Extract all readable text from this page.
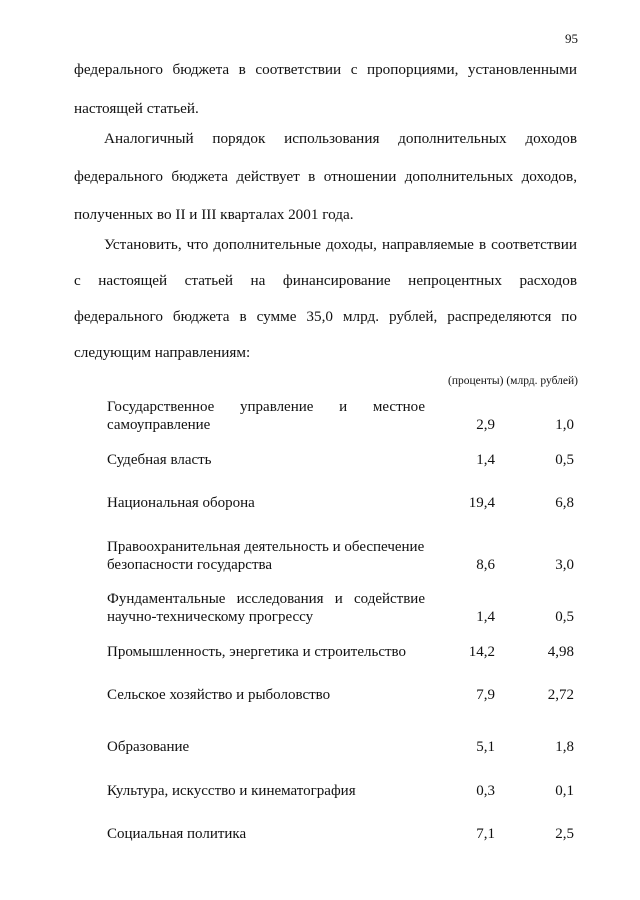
95
федерального бюджета в соответствии с пропорциями, установленными
настоящей статьей.
Аналогичный порядок использования дополнительных доходов
федерального бюджета действует в отношении дополнительных доходов,
полученных во II и III кварталах 2001 года.
Установить, что дополнительные доходы, направляемые в соответствии
с настоящей статьей на финансирование непроцентных расходов
федерального бюджета в сумме 35,0 млрд. рублей, распределяются по
следующим направлениям:
(проценты) (млрд. рублей)
Государственное управление и местное
самоуправление	2,9	1,0
Судебная власть	1,4	0,5
Национальная оборона	19,4	6,8
Правоохранительная деятельность и обеспечение
безопасности государства	8,6	3,0
Фундаментальные исследования и содействие
научно-техническому прогрессу	1,4	0,5
Промышленность, энергетика и строительство	14,2	4,98
Сельское хозяйство и рыболовство	7,9	2,72
Образование	5,1	1,8
Культура, искусство и кинематография	0,3	0,1
Социальная политика	7,1	2,5
